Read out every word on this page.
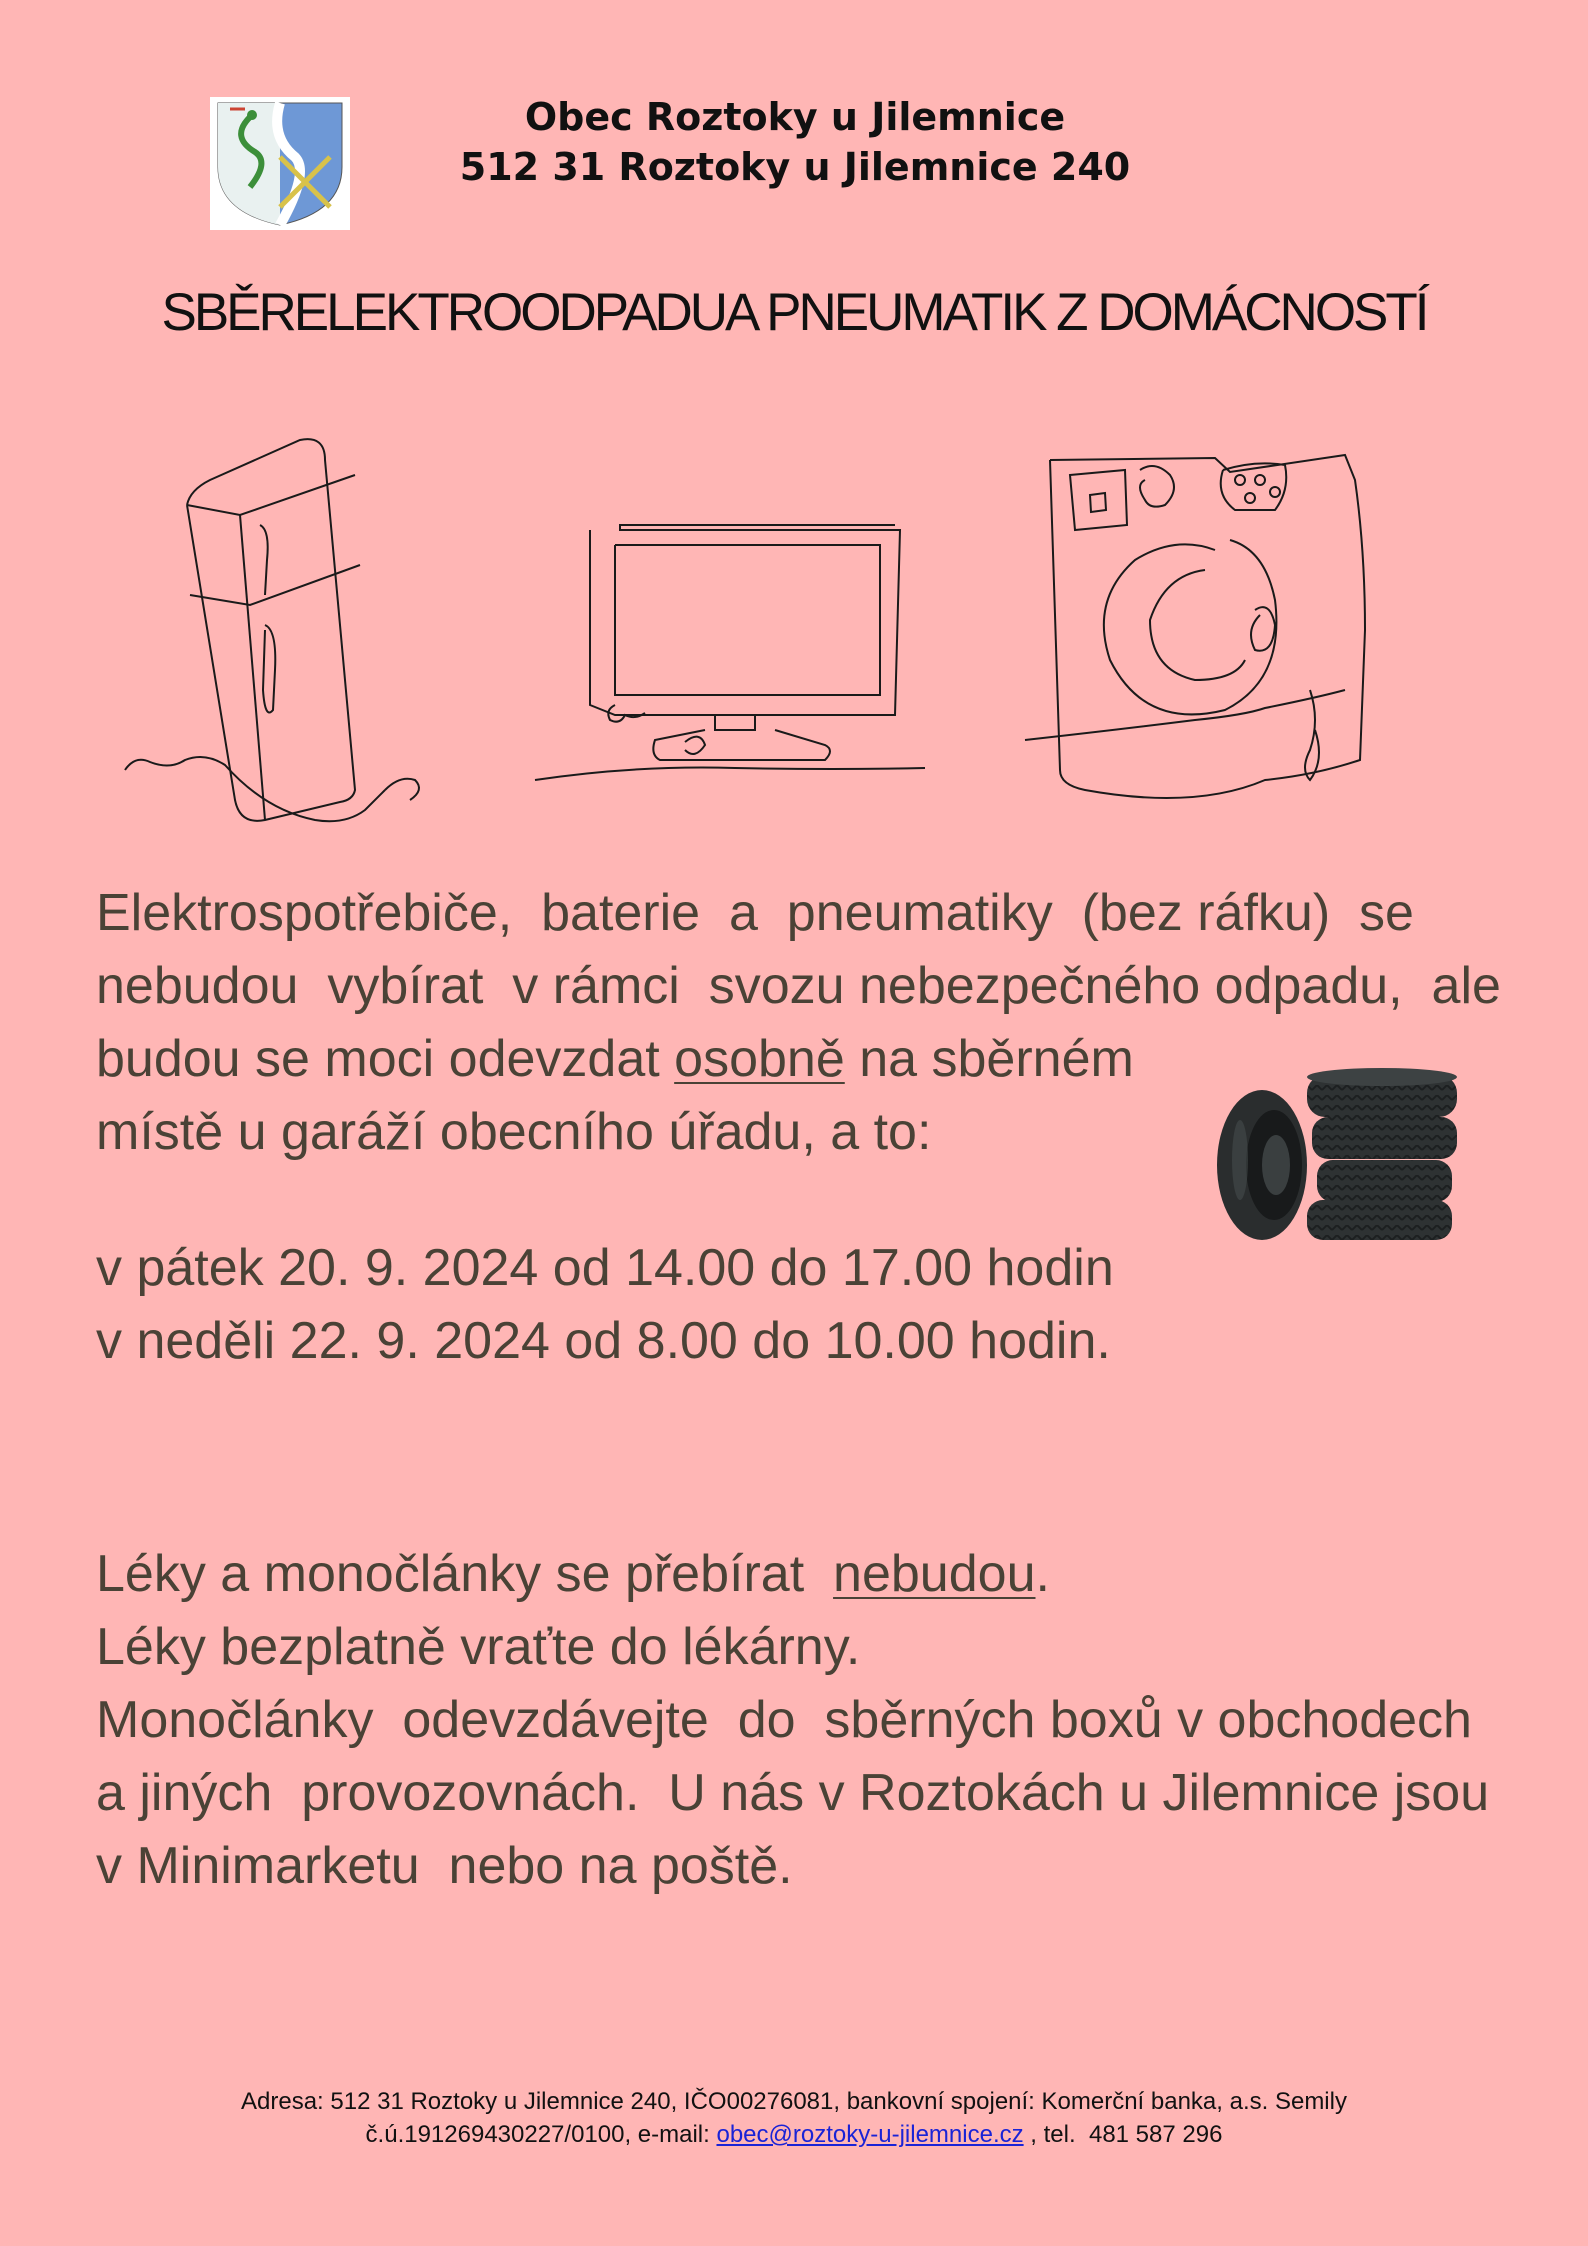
Obec Roztoky u Jilemnice
512 31 Roztoky u Jilemnice 240
SBĚRELEKTROODPADUA PNEUMATIK Z DOMÁCNOSTÍ

Elektrospotřebiče,  baterie  a  pneumatiky  (bez ráfku)  se

nebudou  vybírat  v rámci  svozu nebezpečného odpadu,  ale

budou se moci odevzdat osobně na sběrném

místě u garáží obecního úřadu, a to:

v pátek 20. 9. 2024 od 14.00 do 17.00 hodin

v neděli 22. 9. 2024 od 8.00 do 10.00 hodin.

Léky a monočlánky se přebírat  nebudou.

Léky bezplatně vraťte do lékárny.

Monočlánky  odevzdávejte  do  sběrných boxů v obchodech

a jiných  provozovnách.  U nás v Roztokách u Jilemnice jsou

v Minimarketu  nebo na poště.

Adresa: 512 31 Roztoky u Jilemnice 240, IČO00276081, bankovní spojení: Komerční banka, a.s. Semily
č.ú.191269430227/0100, e-mail: obec@roztoky-u-jilemnice.cz , tel.  481 587 296
